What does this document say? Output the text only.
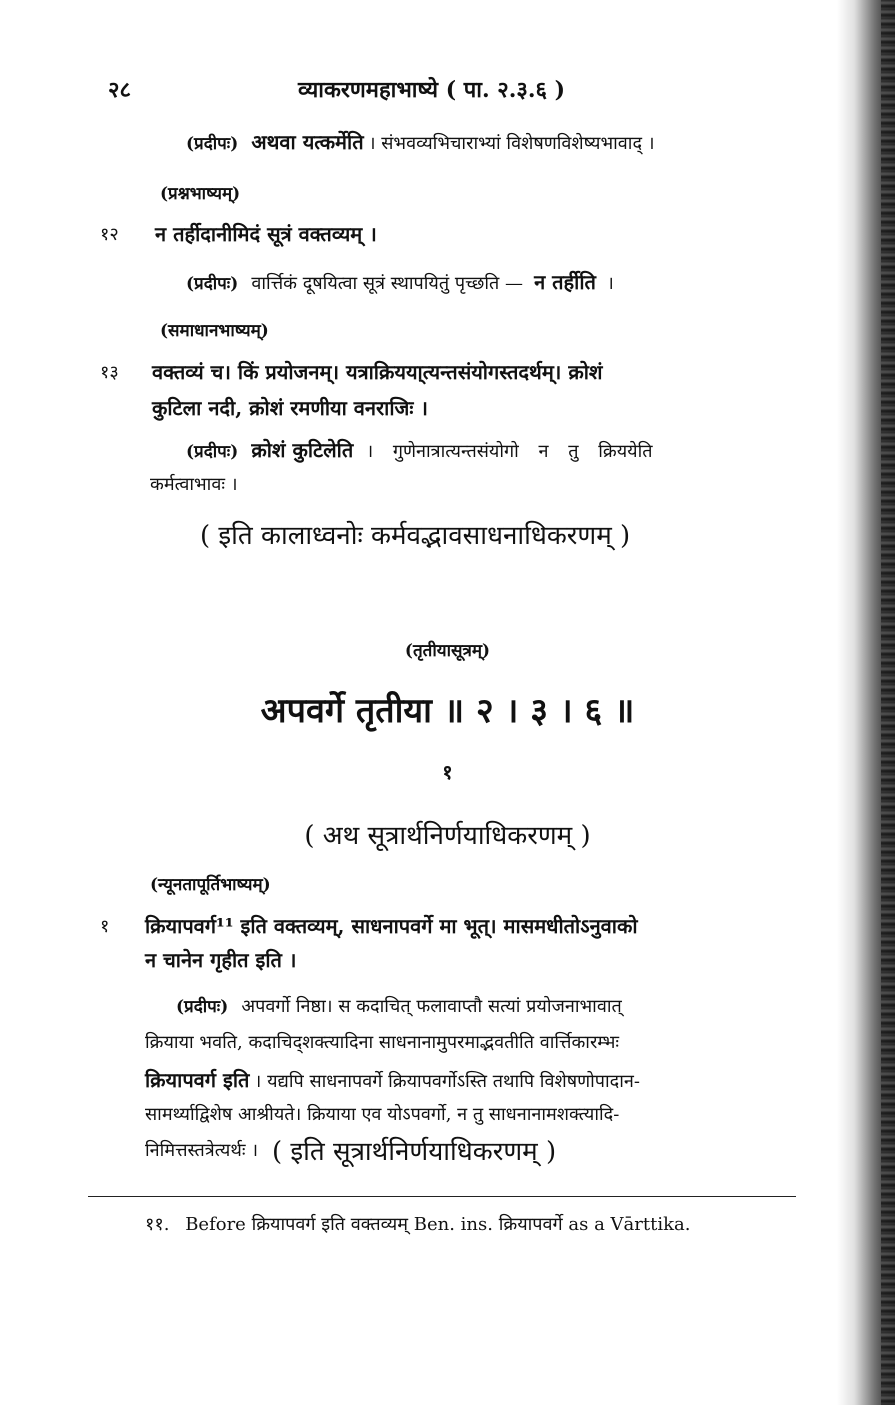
२८	व्याकरणमहाभाष्ये ( पा. २.३.६ )
(प्रदीपः) अथवा यत्कर्मेति । संभवव्यभिचाराभ्यां विशेषणविशेष्यभावाद् ।
(प्रश्नभाष्यम्)
१२ न तर्हीदानीमिदं सूत्रं वक्तव्यम् ।
(प्रदीपः) वार्त्तिकं दूषयित्वा सूत्रं स्थापयितुं पृच्छति — न तर्हीति ।
(समाधानभाष्यम्)
१३ वक्तव्यं च। किं प्रयोजनम्। यत्राक्रियया्त्यन्तसंयोगस्तदर्थम्। क्रोशं
कुटिला नदी, क्रोशं रमणीया वनराजिः ।
(प्रदीपः) क्रोशं कुटिलेति । गुणेनात्रात्यन्तसंयोगो न तु क्रिययेति
कर्मत्वाभावः ।
( इति कालाध्वनोः कर्मवद्भावसाधनाधिकरणम् )
(तृतीयासूत्रम्)
अपवर्गे तृतीया ॥ २ । ३ । ६ ॥
१
( अथ सूत्रार्थनिर्णयाधिकरणम् )
(न्यूनतापूर्तिभाष्यम्)
१ क्रियापवर्ग¹¹ इति वक्तव्यम्, साधनापवर्गे मा भूत्। मासमधीतोऽनुवाको
न चानेन गृहीत इति ।
(प्रदीपः) अपवर्गो निष्ठा। स कदाचित् फलावाप्तौ सत्यां प्रयोजनाभावात्
क्रियाया भवति, कदाचिद्शक्त्यादिना साधनानामुपरमाद्भवतीति वार्त्तिकारम्भः
क्रियापवर्ग इति । यद्यपि साधनापवर्गे क्रियापवर्गोऽस्ति तथापि विशेषणोपादान-
सामर्थ्याद्विशेष आश्रीयते। क्रियाया एव योऽपवर्गो, न तु साधनानामशक्त्यादि-
निमित्तस्तत्रेत्यर्थः । ( इति सूत्रार्थनिर्णयाधिकरणम् )
११. Before क्रियापवर्ग इति वक्तव्यम् Ben. ins. क्रियापवर्गे as a Vārttika.
